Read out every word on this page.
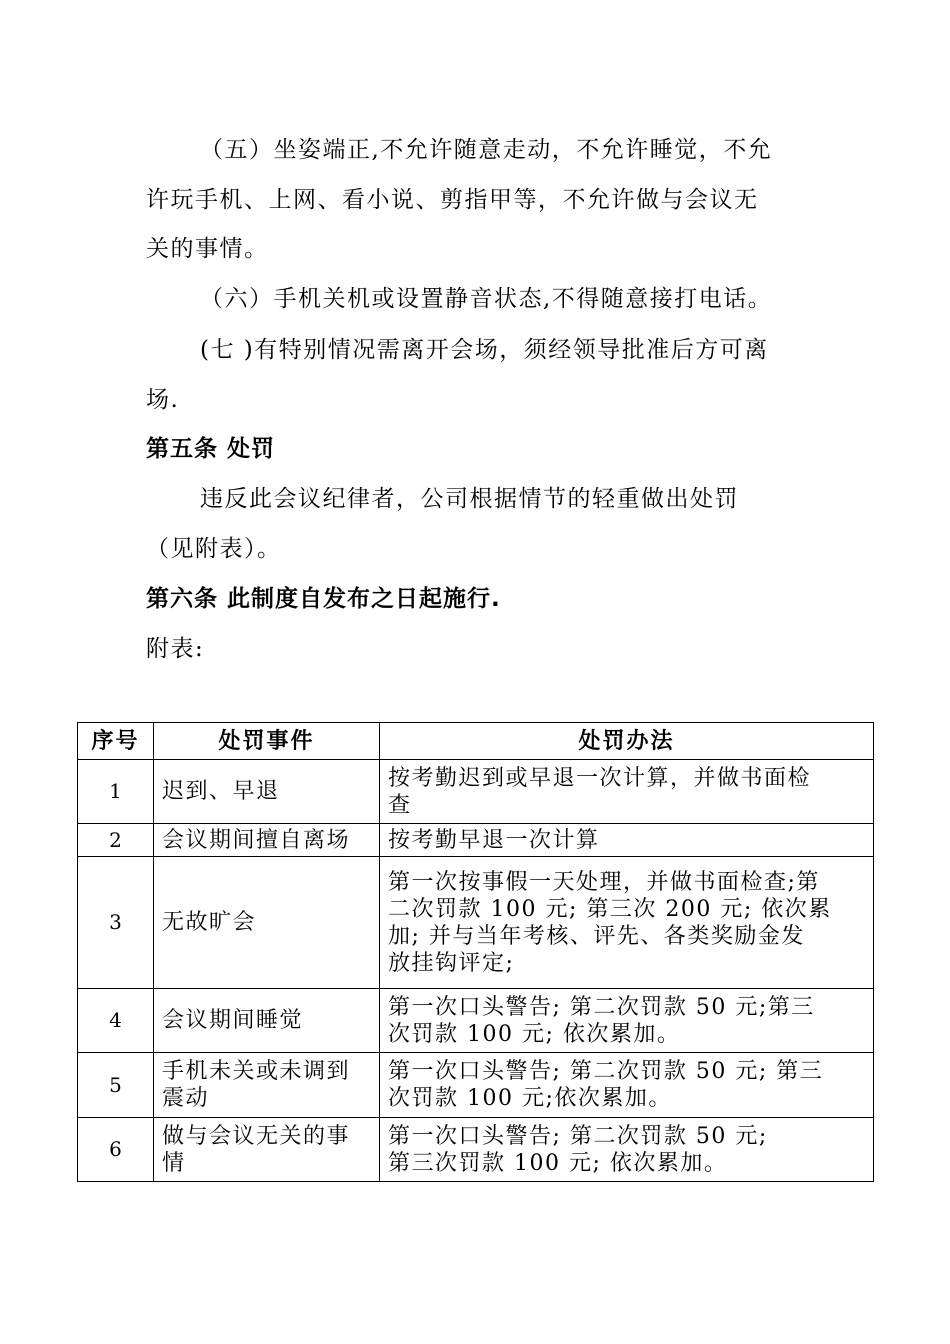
（五）坐姿端正,不允许随意走动，不允许睡觉，不允
许玩手机、上网、看小说、剪指甲等，不允许做与会议无
关的事情。
（六）手机关机或设置静音状态,不得随意接打电话。
(七 )有特别情况需离开会场，须经领导批准后方可离
场.
第五条 处罚
违反此会议纪律者，公司根据情节的轻重做出处罚
（见附表）。
第六条 此制度自发布之日起施行.
附表:
序号	处罚事件	处罚办法
1	迟到、早退	按考勤迟到或早退一次计算，并做书面检
查

2	会议期间擅自离场	按考勤早退一次计算

3	无故旷会	第一次按事假一天处理，并做书面检查;第
二次罚款 100 元; 第三次 200 元; 依次累
加; 并与当年考核、评先、各类奖励金发
放挂钩评定;

4	会议期间睡觉	第一次口头警告; 第二次罚款 50 元;第三
次罚款 100 元; 依次累加。

5	手机未关或未调到震动	第一次口头警告; 第二次罚款 50 元; 第三
次罚款 100 元;依次累加。

6	做与会议无关的事情	第一次口头警告; 第二次罚款 50 元;
第三次罚款 100 元; 依次累加。
